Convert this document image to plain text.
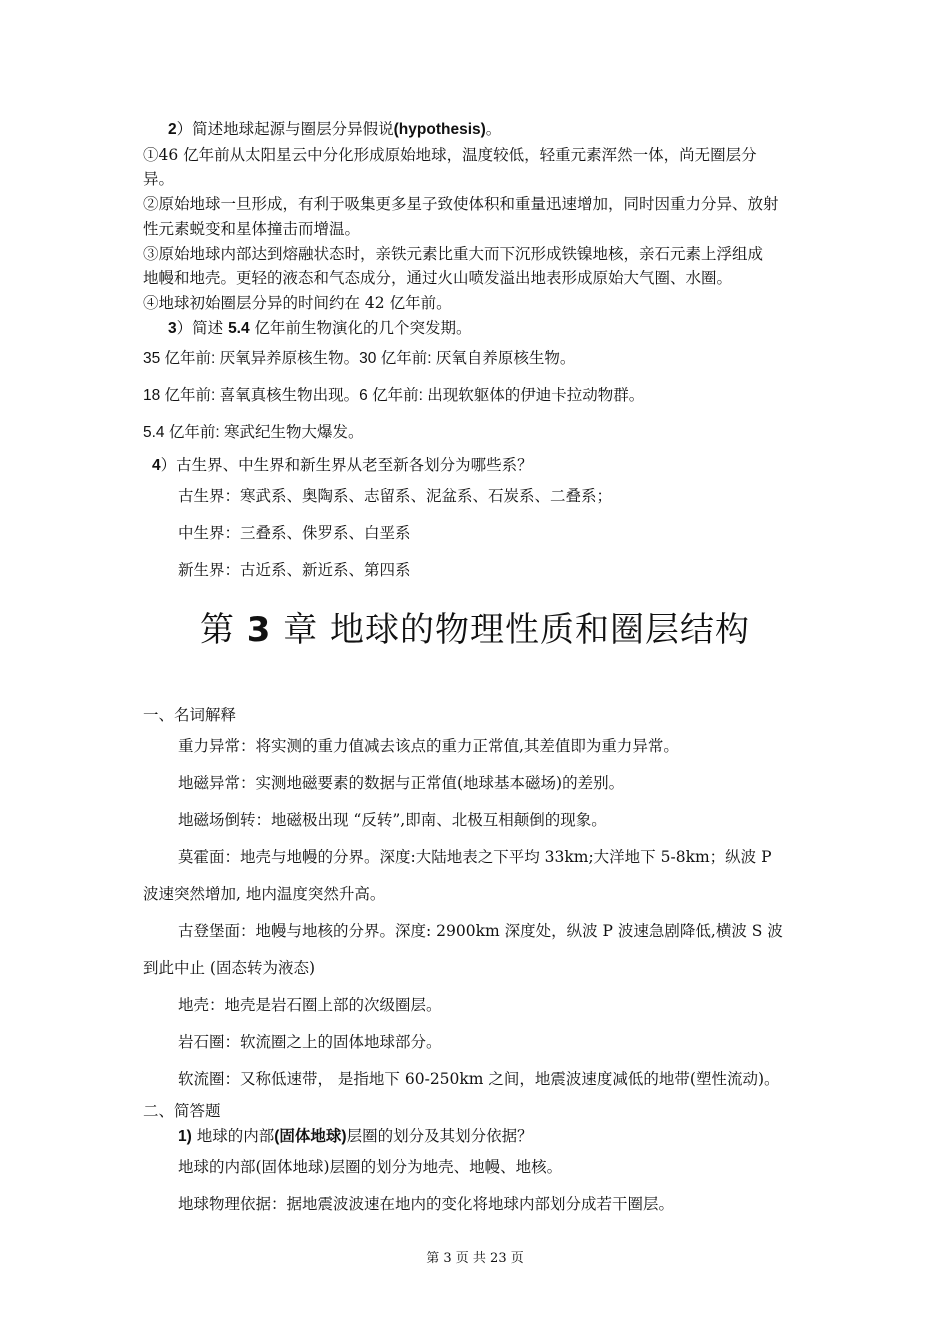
2）简述地球起源与圈层分异假说(hypothesis)。
①46 亿年前从太阳星云中分化形成原始地球，温度较低，轻重元素浑然一体，尚无圈层分
异。
②原始地球一旦形成，有利于吸集更多星子致使体积和重量迅速增加，同时因重力分异、放射
性元素蜕变和星体撞击而增温。
③原始地球内部达到熔融状态时，亲铁元素比重大而下沉形成铁镍地核，亲石元素上浮组成
地幔和地壳。更轻的液态和气态成分，通过火山喷发溢出地表形成原始大气圈、水圈。
④地球初始圈层分异的时间约在 42 亿年前。
3）简述 5.4 亿年前生物演化的几个突发期。
35 亿年前: 厌氧异养原核生物。30 亿年前: 厌氧自养原核生物。
18 亿年前: 喜氧真核生物出现。6 亿年前: 出现软躯体的伊迪卡拉动物群。
5.4 亿年前: 寒武纪生物大爆发。
4）古生界、中生界和新生界从老至新各划分为哪些系？
古生界：寒武系、奥陶系、志留系、泥盆系、石炭系、二叠系；
中生界：三叠系、侏罗系、白垩系
新生界：古近系、新近系、第四系
第 3 章 地球的物理性质和圈层结构
一、名词解释
重力异常：将实测的重力值减去该点的重力正常值,其差值即为重力异常。
地磁异常：实测地磁要素的数据与正常值(地球基本磁场)的差别。
地磁场倒转：地磁极出现 “反转”,即南、北极互相颠倒的现象。
莫霍面：地壳与地幔的分界。深度:大陆地表之下平均 33km;大洋地下 5-8km；纵波 P
波速突然增加, 地内温度突然升高。
古登堡面：地幔与地核的分界。深度: 2900km 深度处，纵波 P 波速急剧降低,横波 S 波
到此中止 (固态转为液态)
地壳：地壳是岩石圈上部的次级圈层。
岩石圈：软流圈之上的固体地球部分。
软流圈：又称低速带， 是指地下 60-250km 之间，地震波速度减低的地带(塑性流动)。
二、简答题
1) 地球的内部(固体地球)层圈的划分及其划分依据？
地球的内部(固体地球)层圈的划分为地壳、地幔、地核。
地球物理依据：据地震波波速在地内的变化将地球内部划分成若干圈层。
第 3 页 共 23 页
